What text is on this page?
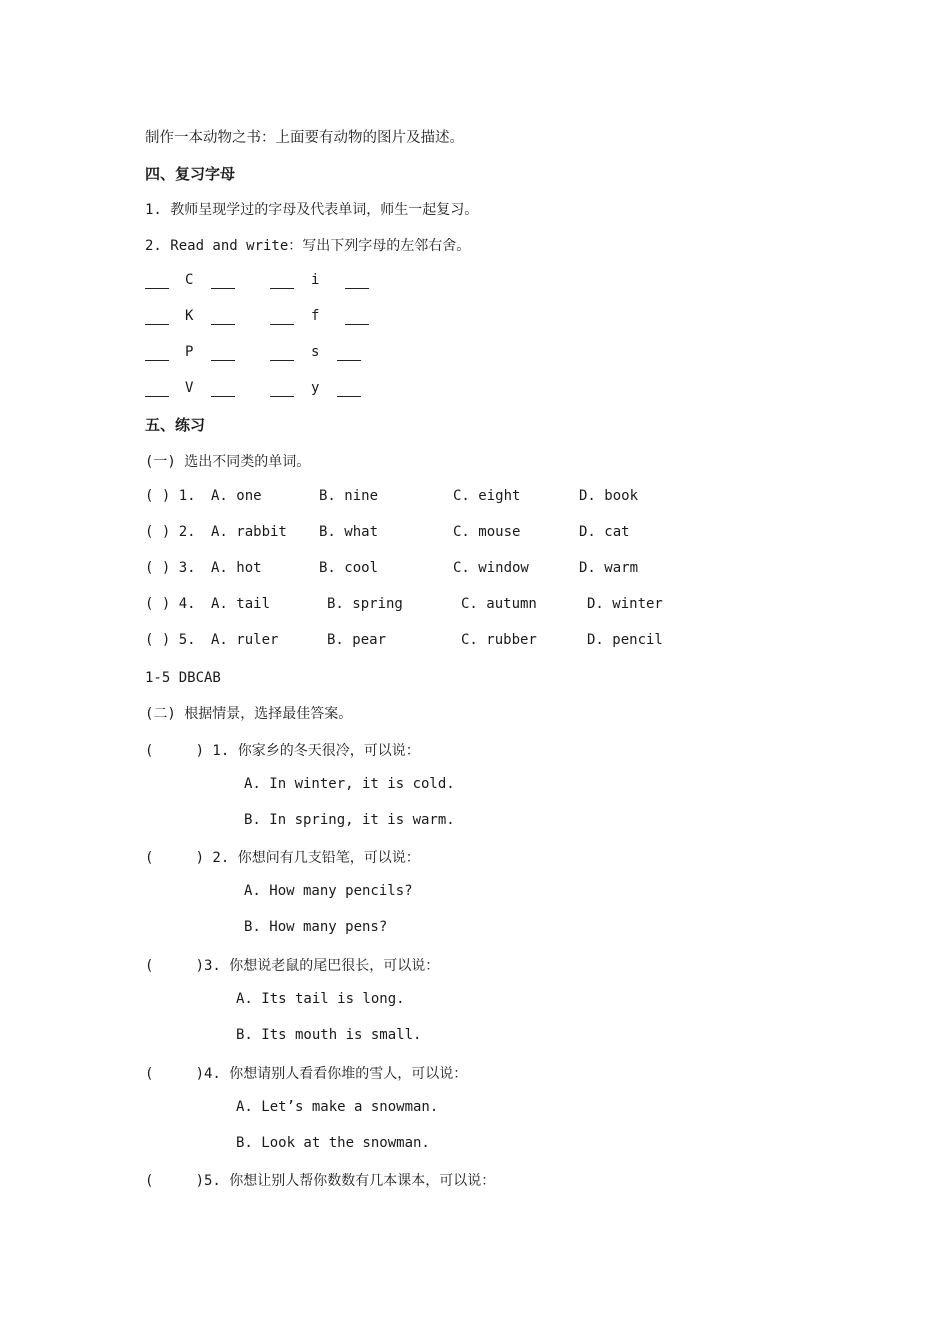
制作一本动物之书：上面要有动物的图片及描述。
四、复习字母
1. 教师呈现学过的字母及代表单词，师生一起复习。
2. Read and write：写出下列字母的左邻右舍。
C	i
K	f
P	s
V	y
五、练习
(一) 选出不同类的单词。
( ) 1. A. one	B. nine	C. eight	D. book
( ) 2. A. rabbit B. what	C. mouse	D. cat
( ) 3. A. hot	B. cool	C. window	D. warm
( ) 4. A. tail	B. spring	C. autumn	D. winter
( ) 5. A. ruler	B. pear	C. rubber	D. pencil
1-5 DBCAB
(二) 根据情景，选择最佳答案。
(     ) 1. 你家乡的冬天很冷，可以说：
A. In winter, it is cold.
B. In spring, it is warm.
(     ) 2. 你想问有几支铅笔，可以说：
A. How many pencils?
B. How many pens?
(     )3. 你想说老鼠的尾巴很长，可以说：
A. Its tail is long.
B. Its mouth is small.
(     )4. 你想请别人看看你堆的雪人，可以说：
A. Let’s make a snowman.
B. Look at the snowman.
(     )5. 你想让别人帮你数数有几本课本，可以说：
